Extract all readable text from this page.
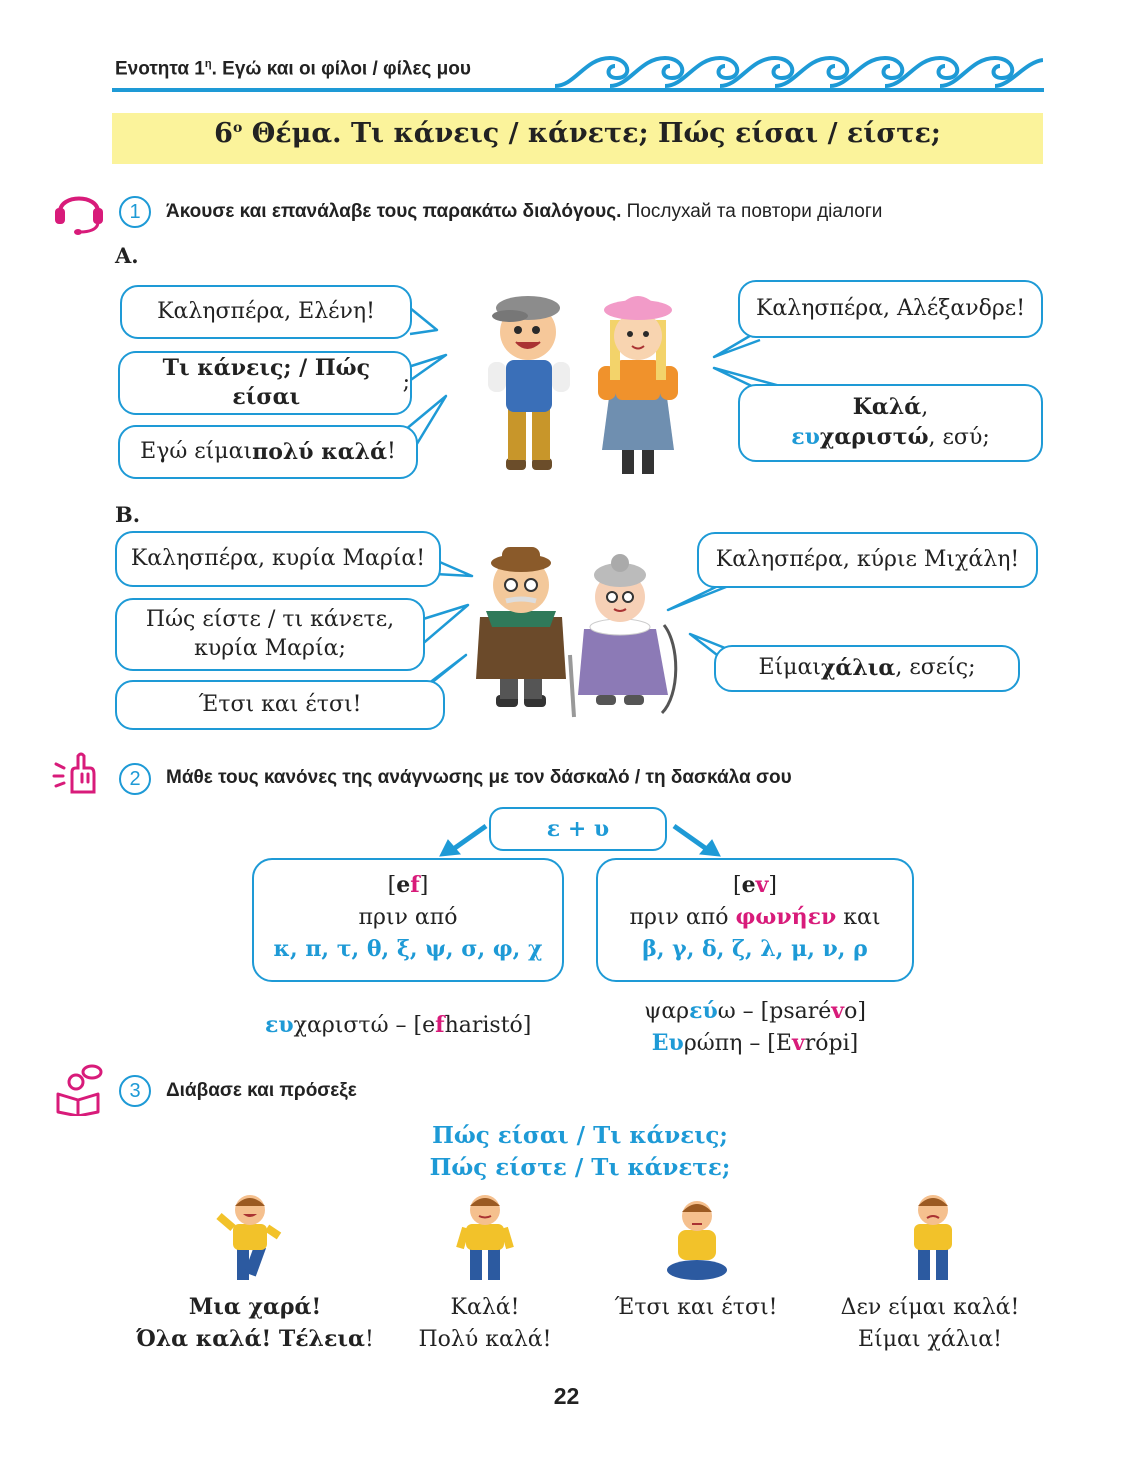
Ενοτητα $1^\eta$. Εγώ και οι φίλοι / φίλες μου
$6^o$ Θέμα. Τι κάνεις / κάνετε; Πώς είσαι / είστε;
1	Άκουσε και επανάλαβε τους παρακάτω διαλόγους. Послухай та повтори діалоги
Α.
Καλησπέρα, Ελένη!
Τι κάνεις; / Πώς είσαι
;
Εγώ είμαι πολύ καλά !
Καλησπέρα, Αλέξανδρε!
Καλά,
ευχαριστώ, εσύ;
Β.
Καλησπέρα, κυρία Μαρία!
Πώς είστε / τι κάνετε,
κυρία Μαρία;
Έτσι και έτσι!
Καλησπέρα, κύριε Μιχάλη!
Είμαι χάλια , εσείς;
2	Μάθε τους κανόνες της ανάγνωσης με τον δάσκαλό / τη δασκάλα σου
ε + υ
[ef]
πριν από
κ, π, τ, θ, ξ, ψ, σ, φ, χ
[ev]
πριν από φωνήεν και
β, γ, δ, ζ, λ, μ, ν, ρ
ευχαριστώ – [efharistó]
ψαρεύω – [psarévo]
Ευρώπη – [Evrópi]
3	Διάβασε και πρόσεξε
Πώς είσαι / Τι κάνεις;
Πώς είστε / Τι κάνετε;
Μια χαρά!
Όλα καλά! Τέλεια!
Καλά!
Πολύ καλά!
Έτσι και έτσι!	Δεν είμαι καλά!
Είμαι χάλια!
22
